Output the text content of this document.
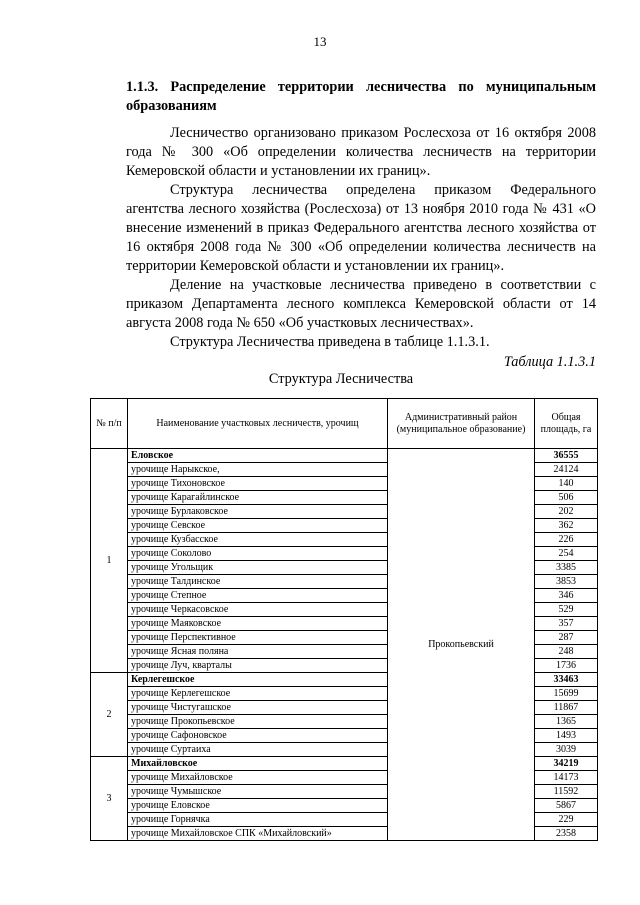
13
1.1.3. Распределение территории лесничества по муниципальным образованиям

Лесничество организовано приказом Рослесхоза от 16 октября 2008 года № 300 «Об определении количества лесничеств на территории Кемеровской области и установлении их границ».

Структура лесничества определена приказом Федерального агентства лесного хозяйства (Рослесхоза) от 13 ноября 2010 года № 431 «О внесение изменений в приказ Федерального агентства лесного хозяйства от 16 октября 2008 года № 300 «Об определении количества лесничеств на территории Кемеровской области и установлении их границ».

Деление на участковые лесничества приведено в соответствии с приказом Департамента лесного комплекса Кемеровской области от 14 августа 2008 года № 650 «Об участковых лесничествах».

Структура Лесничества приведена в таблице 1.1.3.1.

Таблица 1.1.3.1
Структура Лесничества
№ п/п	Наименование участковых лесничеств, урочищ	Административный район (муниципальное образование)	Общая площадь, га
1	Еловское	Прокопьевский	36555
	урочище Нарыкское,		24124
	урочище Тихоновское		140
	урочище Карагайлинское		506
	урочище Бурлаковское		202
	урочище Севское		362
	урочище Кузбасское		226
	урочище Соколово		254
	урочище Угольщик		3385
	урочище Талдинское		3853
	урочище Степное		346
	урочище Черкасовское		529
	урочище Маяковское		357
	урочище Перспективное		287
	урочище Ясная поляна		248
	урочище Луч, кварталы		1736
2	Керлегешское		33463
	урочище Керлегешское		15699
	урочище Чистугашское		11867
	урочище Прокопьевское		1365
	урочище Сафоновское		1493
	урочище Суртаиха		3039
3	Михайловское		34219
	урочище Михайловское		14173
	урочище Чумышское		11592
	урочище Еловское		5867
	урочище Горнячка		229
	урочище Михайловское СПК «Михайловский»		2358
